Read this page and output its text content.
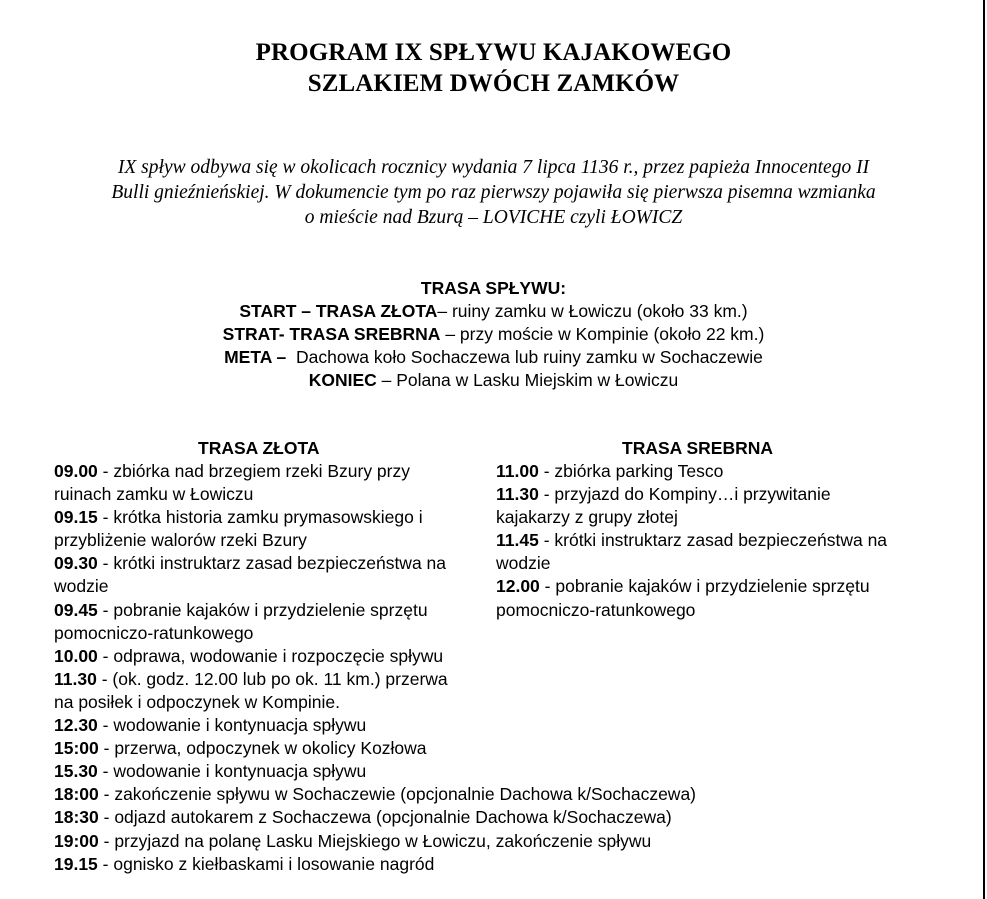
PROGRAM IX SPŁYWU KAJAKOWEGO
SZLAKIEM DWÓCH ZAMKÓW
IX spływ odbywa się w okolicach rocznicy wydania 7 lipca 1136 r., przez papieża Innocentego II
Bulli gnieźnieńskiej. W dokumencie tym po raz pierwszy pojawiła się pierwsza pisemna wzmianka
o mieście nad Bzurą – LOVICHE czyli ŁOWICZ
TRASA SPŁYWU:
START – TRASA ZŁOTA– ruiny zamku w Łowiczu (około 33 km.)
STRAT- TRASA SREBRNA – przy moście w Kompinie (około 22 km.)
META –  Dachowa koło Sochaczewa lub ruiny zamku w Sochaczewie
KONIEC – Polana w Lasku Miejskim w Łowiczu
TRASA ZŁOTA	TRASA SREBRNA

09.00 - zbiórka nad brzegiem rzeki Bzury przy ruinach zamku w Łowiczu

09.15 - krótka historia zamku prymasowskiego i przybliżenie walorów rzeki Bzury

09.30 - krótki instruktarz zasad bezpieczeństwa na wodzie

09.45 - pobranie kajaków i przydzielenie sprzętu pomocniczo-ratunkowego

10.00 - odprawa, wodowanie i rozpoczęcie spływu

11.30 - (ok. godz. 12.00 lub po ok. 11 km.) przerwa na posiłek i odpoczynek w Kompinie.

12.30 - wodowanie i kontynuacja spływu

15:00 - przerwa, odpoczynek w okolicy Kozłowa

15.30 - wodowanie i kontynuacja spływu

18:00 - zakończenie spływu w Sochaczewie (opcjonalnie Dachowa k/Sochaczewa)

18:30 - odjazd autokarem z Sochaczewa (opcjonalnie Dachowa k/Sochaczewa)

19:00 - przyjazd na polanę Lasku Miejskiego w Łowiczu, zakończenie spływu

19.15 - ognisko z kiełbaskami i losowanie nagród

11.00 - zbiórka parking Tesco

11.30 - przyjazd do Kompiny…i przywitanie kajakarzy z grupy złotej

11.45 - krótki instruktarz zasad bezpieczeństwa na wodzie

12.00 - pobranie kajaków i przydzielenie sprzętu pomocniczo-ratunkowego
